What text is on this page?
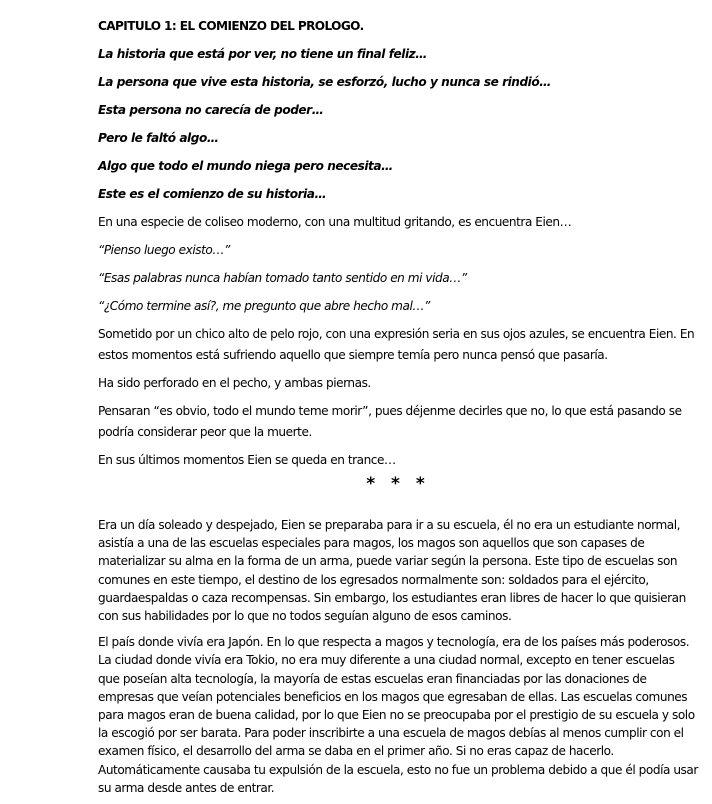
CAPITULO 1: EL COMIENZO DEL PROLOGO.
La historia que está por ver, no tiene un final feliz…
La persona que vive esta historia, se esforzó, lucho y nunca se rindió…
Esta persona no carecía de poder…
Pero le faltó algo…
Algo que todo el mundo niega pero necesita…
Este es el comienzo de su historia…
En una especie de coliseo moderno, con una multitud gritando, es encuentra Eien…
“Pienso luego existo…”
“Esas palabras nunca habían tomado tanto sentido en mi vida…”
“¿Cómo termine así?, me pregunto que abre hecho mal…”
Sometido por un chico alto de pelo rojo, con una expresión seria en sus ojos azules, se encuentra Eien. En estos momentos está sufriendo aquello que siempre temía pero nunca pensó que pasaría.
Ha sido perforado en el pecho, y ambas piernas.
Pensaran “es obvio, todo el mundo teme morir”, pues déjenme decirles que no, lo que está pasando se podría considerar peor que la muerte.
En sus últimos momentos Eien se queda en trance…
* * *
Era un día soleado y despejado, Eien se preparaba para ir a su escuela, él no era un estudiante normal, asistía a una de las escuelas especiales para magos, los magos son aquellos que son capases de materializar su alma en la forma de un arma, puede variar según la persona. Este tipo de escuelas son comunes en este tiempo, el destino de los egresados normalmente son: soldados para el ejército, guardaespaldas o caza recompensas. Sin embargo, los estudiantes eran libres de hacer lo que quisieran con sus habilidades por lo que no todos seguían alguno de esos caminos.
El país donde vivía era Japón. En lo que respecta a magos y tecnología, era de los países más poderosos. La ciudad donde vivía era Tokio, no era muy diferente a una ciudad normal, excepto en tener escuelas que poseían alta tecnología, la mayoría de estas escuelas eran financiadas por las donaciones de empresas que veían potenciales beneficios en los magos que egresaban de ellas. Las escuelas comunes para magos eran de buena calidad, por lo que Eien no se preocupaba por el prestigio de su escuela y solo la escogió por ser barata. Para poder inscribirte a una escuela de magos debías al menos cumplir con el examen físico, el desarrollo del arma se daba en el primer año. Si no eras capaz de hacerlo. Automáticamente causaba tu expulsión de la escuela, esto no fue un problema debido a que él podía usar su arma desde antes de entrar.
